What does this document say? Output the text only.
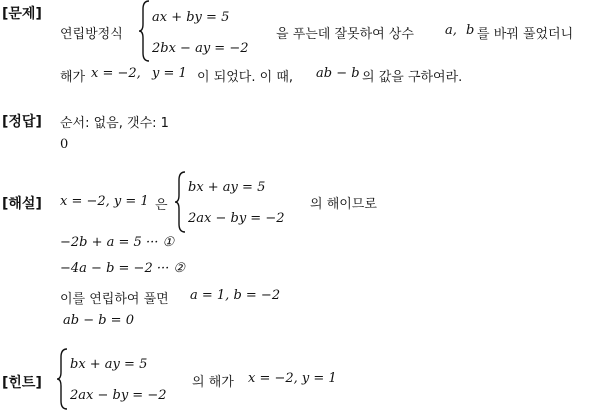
[문제]
연립방정식
ax + by = 5
2bx − ay = −2
을 푸는데 잘못하여 상수 a, b 를 바꿔 풀었더니
해가 x = −2, y = 1 이 되었다. 이 때, ab − b 의 값을 구하여라.
[정답] 순서: 없음, 갯수: 1
0
[해설] x = −2, y = 1 은
bx + ay = 5
2ax − by = −2
의 해이므로
−2b + a = 5 ··· ①
−4a − b = −2 ··· ②
이를 연립하여 풀면 a = 1, b = −2
ab − b = 0
[힌트]
bx + ay = 5
2ax − by = −2
의 해가 x = −2, y = 1
